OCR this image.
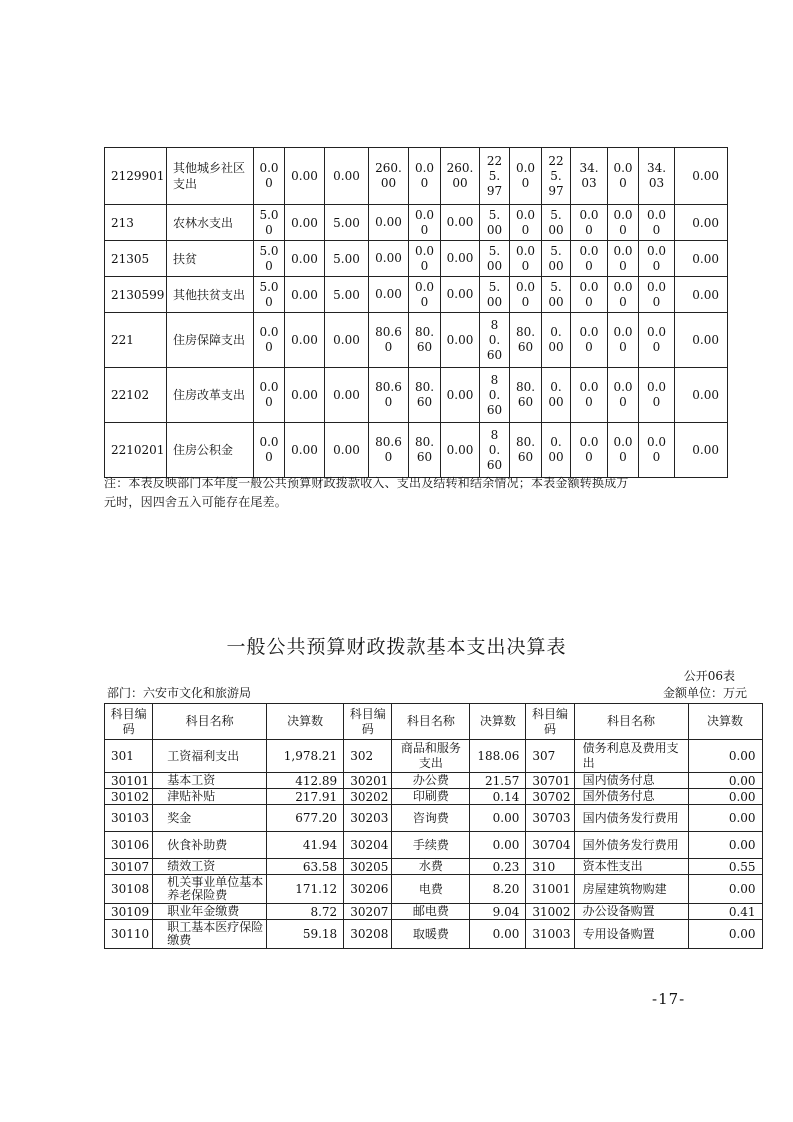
2129901	其他城乡社区支出	0.00	0.00	0.00	260.00	0.00	260.00	225.97	0.00	225.97	34.03	0.00	34.03	0.00
213	农林水支出	5.00	0.00	5.00	0.00	0.00	0.00	5.00	0.00	5.00	0.00	0.00	0.00	0.00
21305	扶贫	5.00	0.00	5.00	0.00	0.00	0.00	5.00	0.00	5.00	0.00	0.00	0.00	0.00
2130599	其他扶贫支出	5.00	0.00	5.00	0.00	0.00	0.00	5.00	0.00	5.00	0.00	0.00	0.00	0.00
221	住房保障支出	0.00	0.00	0.00	80.60	80.60	0.00	80.60	80.60	0.00	0.00	0.00	0.00	0.00
22102	住房改革支出	0.00	0.00	0.00	80.60	80.60	0.00	80.60	80.60	0.00	0.00	0.00	0.00	0.00
2210201	住房公积金	0.00	0.00	0.00	80.60	80.60	0.00	80.60	80.60	0.00	0.00	0.00	0.00	0.00
注：本表反映部门本年度一般公共预算财政拨款收入、支出及结转和结余情况；本表金额转换成万
元时，因四舍五入可能存在尾差。
一般公共预算财政拨款基本支出决算表
公开06表
部门：六安市文化和旅游局	金额单位：万元
科目编码	科目名称	决算数	科目编码	科目名称	决算数	科目编码	科目名称	决算数
301	工资福利支出	1,978.21	302	商品和服务支出	188.06	307	债务利息及费用支出	0.00
30101	基本工资	412.89	30201	办公费	21.57	30701	国内债务付息	0.00
30102	津贴补贴	217.91	30202	印刷费	0.14	30702	国外债务付息	0.00
30103	奖金	677.20	30203	咨询费	0.00	30703	国内债务发行费用	0.00
30106	伙食补助费	41.94	30204	手续费	0.00	30704	国外债务发行费用	0.00
30107	绩效工资	63.58	30205	水费	0.23	310	资本性支出	0.55
30108	机关事业单位基本养老保险费	171.12	30206	电费	8.20	31001	房屋建筑物购建	0.00
30109	职业年金缴费	8.72	30207	邮电费	9.04	31002	办公设备购置	0.41
30110	职工基本医疗保险缴费	59.18	30208	取暖费	0.00	31003	专用设备购置	0.00
-17-
